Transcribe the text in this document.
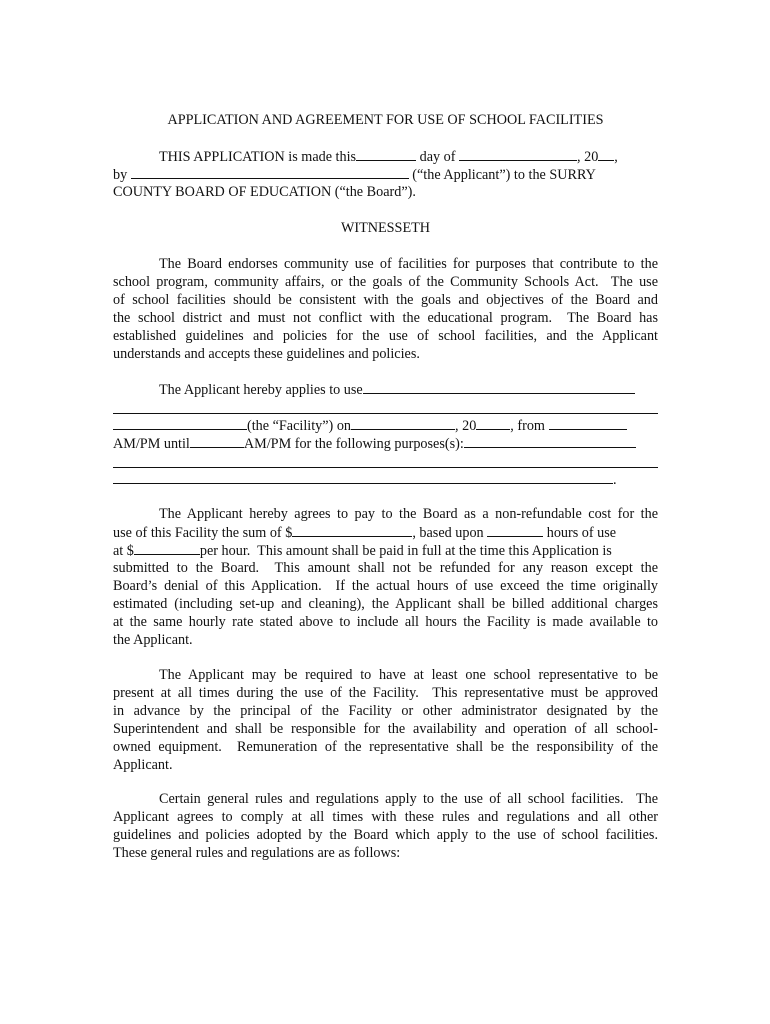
APPLICATION AND AGREEMENT FOR USE OF SCHOOL FACILITIES
THIS APPLICATION is made this	day of	, 20 ,
by	(“the Applicant”) to the SURRY
COUNTY BOARD OF EDUCATION (“the Board”).
WITNESSETH
The Board endorses community use of facilities for purposes that contribute to the
school program, community affairs, or the goals of the Community Schools Act.  The use
of school facilities should be consistent with the goals and objectives of the Board and
the school district and must not conflict with the educational program.  The Board has
established guidelines and policies for the use of school facilities, and the Applicant
understands and accepts these guidelines and policies.
The Applicant hereby applies to use
(the “Facility”) on	, 20 , from
AM/PM until	AM/PM for the following purposes(s):
.
The Applicant hereby agrees to pay to the Board as a non-refundable cost for the
use of this Facility the sum of $	, based upon	hours of use
at $	per hour.  This amount shall be paid in full at the time this Application is
submitted to the Board.  This amount shall not be refunded for any reason except the
Board’s denial of this Application.  If the actual hours of use exceed the time originally
estimated (including set-up and cleaning), the Applicant shall be billed additional charges
at the same hourly rate stated above to include all hours the Facility is made available to
the Applicant.
The Applicant may be required to have at least one school representative to be
present at all times during the use of the Facility.  This representative must be approved
in advance by the principal of the Facility or other administrator designated by the
Superintendent and shall be responsible for the availability and operation of all school-
owned equipment.  Remuneration of the representative shall be the responsibility of the
Applicant.
Certain general rules and regulations apply to the use of all school facilities.  The
Applicant agrees to comply at all times with these rules and regulations and all other
guidelines and policies adopted by the Board which apply to the use of school facilities.
These general rules and regulations are as follows:
